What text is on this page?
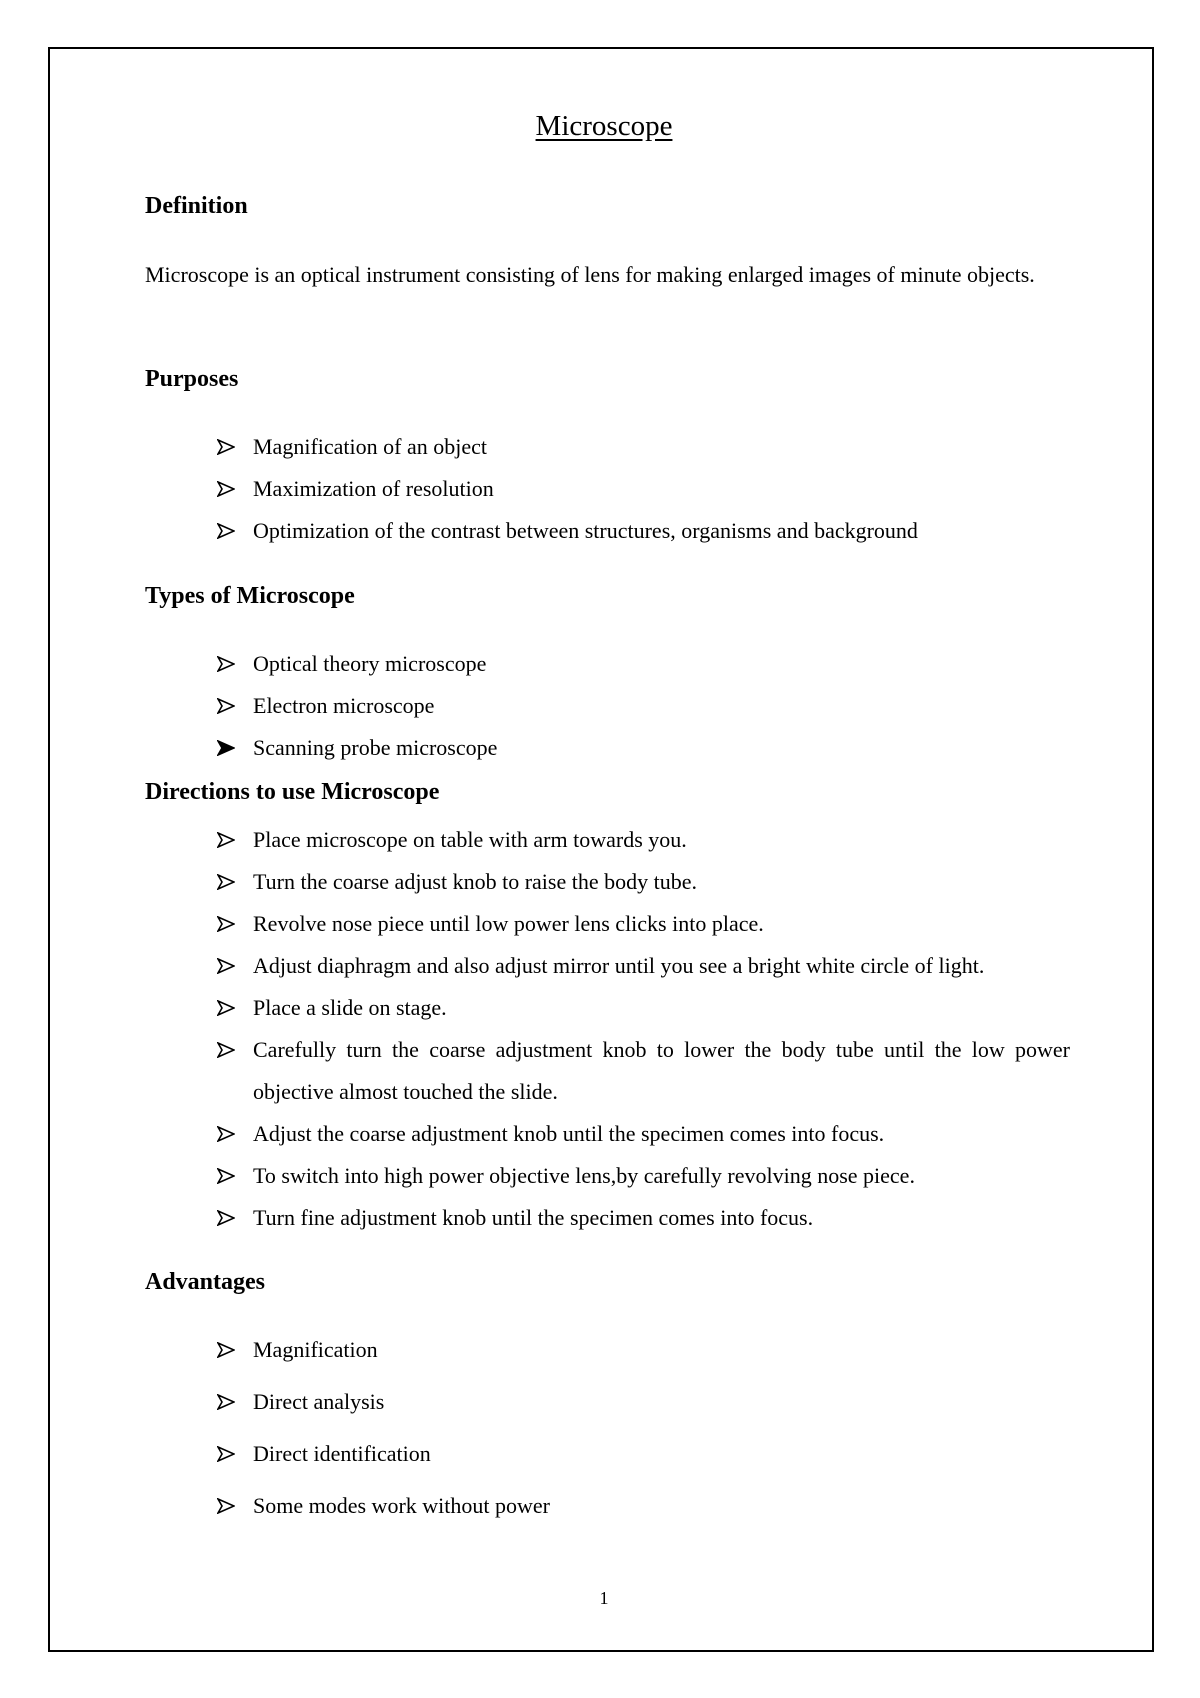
Microscope
Definition

Microscope is an optical instrument consisting of lens for making enlarged images of minute objects.

Purposes
Magnification of an object
Maximization of resolution
Optimization of the contrast between structures, organisms and background
Types of Microscope
Optical theory microscope
Electron microscope
Scanning probe microscope
Directions to use Microscope
Place microscope on table with arm towards you.
Turn the coarse adjust knob to raise the body tube.
Revolve nose piece until low power lens clicks into place.
Adjust diaphragm and also adjust mirror until you see a bright white circle of light.
Place a slide on stage.
Carefully turn the coarse adjustment knob to lower the body tube until the low power objective almost touched the slide.
Adjust the coarse adjustment knob until the specimen comes into focus.
To switch into high power objective lens,by carefully revolving nose piece.
Turn fine adjustment knob until the specimen comes into focus.
Advantages
Magnification
Direct analysis
Direct identification
Some modes work without power

1
